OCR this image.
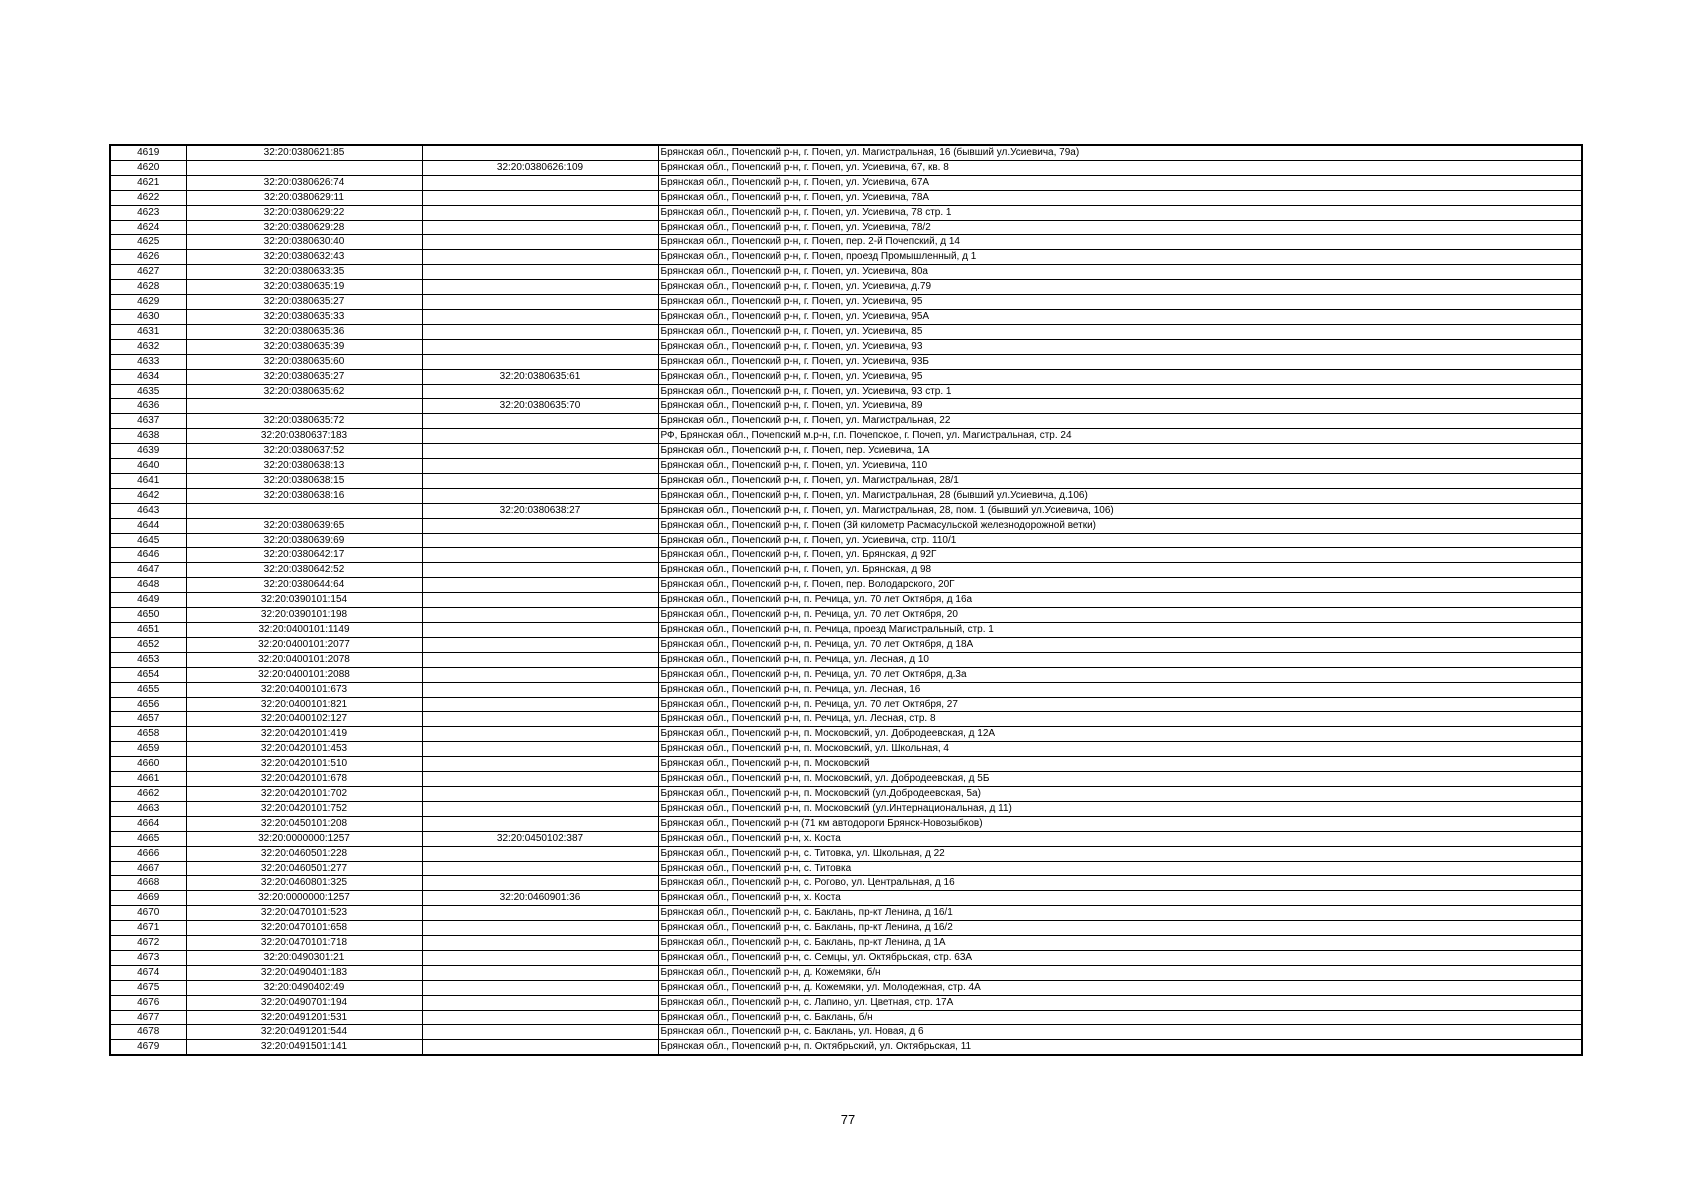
4619	32:20:0380621:85		Брянская обл., Почепский р-н, г. Почеп, ул. Магистральная, 16 (бывший ул.Усиевича, 79а)
4620		32:20:0380626:109	Брянская обл., Почепский р-н, г. Почеп, ул. Усиевича, 67, кв. 8
4621	32:20:0380626:74		Брянская обл., Почепский р-н, г. Почеп, ул. Усиевича, 67А
4622	32:20:0380629:11		Брянская обл., Почепский р-н, г. Почеп, ул. Усиевича, 78А
4623	32:20:0380629:22		Брянская обл., Почепский р-н, г. Почеп, ул. Усиевича, 78 стр. 1
4624	32:20:0380629:28		Брянская обл., Почепский р-н, г. Почеп, ул. Усиевича, 78/2
4625	32:20:0380630:40		Брянская обл., Почепский р-н, г. Почеп, пер. 2-й Почепский, д 14
4626	32:20:0380632:43		Брянская обл., Почепский р-н, г. Почеп, проезд Промышленный, д 1
4627	32:20:0380633:35		Брянская обл., Почепский р-н, г. Почеп, ул. Усиевича, 80а
4628	32:20:0380635:19		Брянская обл., Почепский р-н, г. Почеп, ул. Усиевича, д.79
4629	32:20:0380635:27		Брянская обл., Почепский р-н, г. Почеп, ул. Усиевича, 95
4630	32:20:0380635:33		Брянская обл., Почепский р-н, г. Почеп, ул. Усиевича, 95А
4631	32:20:0380635:36		Брянская обл., Почепский р-н, г. Почеп, ул. Усиевича, 85
4632	32:20:0380635:39		Брянская обл., Почепский р-н, г. Почеп, ул. Усиевича, 93
4633	32:20:0380635:60		Брянская обл., Почепский р-н, г. Почеп, ул. Усиевича, 93Б
4634	32:20:0380635:27	32:20:0380635:61	Брянская обл., Почепский р-н, г. Почеп, ул. Усиевича, 95
4635	32:20:0380635:62		Брянская обл., Почепский р-н, г. Почеп, ул. Усиевича, 93 стр. 1
4636		32:20:0380635:70	Брянская обл., Почепский р-н, г. Почеп, ул. Усиевича, 89
4637	32:20:0380635:72		Брянская обл., Почепский р-н, г. Почеп, ул. Магистральная, 22
4638	32:20:0380637:183		РФ, Брянская обл., Почепский м.р-н, г.п. Почепское, г. Почеп, ул. Магистральная, стр. 24
4639	32:20:0380637:52		Брянская обл., Почепский р-н, г. Почеп, пер. Усиевича, 1А
4640	32:20:0380638:13		Брянская обл., Почепский р-н, г. Почеп, ул. Усиевича, 110
4641	32:20:0380638:15		Брянская обл., Почепский р-н, г. Почеп, ул. Магистральная, 28/1
4642	32:20:0380638:16		Брянская обл., Почепский р-н, г. Почеп, ул. Магистральная, 28 (бывший ул.Усиевича, д.106)
4643		32:20:0380638:27	Брянская обл., Почепский р-н, г. Почеп, ул. Магистральная, 28, пом. 1 (бывший ул.Усиевича, 106)
4644	32:20:0380639:65		Брянская обл., Почепский р-н, г. Почеп (3й километр Расмасульской железнодорожной ветки)
4645	32:20:0380639:69		Брянская обл., Почепский р-н, г. Почеп, ул. Усиевича, стр. 110/1
4646	32:20:0380642:17		Брянская обл., Почепский р-н, г. Почеп, ул. Брянская, д 92Г
4647	32:20:0380642:52		Брянская обл., Почепский р-н, г. Почеп, ул. Брянская, д 98
4648	32:20:0380644:64		Брянская обл., Почепский р-н, г. Почеп, пер. Володарского, 20Г
4649	32:20:0390101:154		Брянская обл., Почепский р-н, п. Речица, ул. 70 лет Октября, д 16а
4650	32:20:0390101:198		Брянская обл., Почепский р-н, п. Речица, ул. 70 лет Октября, 20
4651	32:20:0400101:1149		Брянская обл., Почепский р-н, п. Речица, проезд Магистральный, стр. 1
4652	32:20:0400101:2077		Брянская обл., Почепский р-н, п. Речица, ул. 70 лет Октября, д 18А
4653	32:20:0400101:2078		Брянская обл., Почепский р-н, п. Речица, ул. Лесная, д 10
4654	32:20:0400101:2088		Брянская обл., Почепский р-н, п. Речица, ул. 70 лет Октября, д.3а
4655	32:20:0400101:673		Брянская обл., Почепский р-н, п. Речица, ул. Лесная, 16
4656	32:20:0400101:821		Брянская обл., Почепский р-н, п. Речица, ул. 70 лет Октября, 27
4657	32:20:0400102:127		Брянская обл., Почепский р-н, п. Речица, ул. Лесная, стр. 8
4658	32:20:0420101:419		Брянская обл., Почепский р-н, п. Московский, ул. Добродеевская, д 12А
4659	32:20:0420101:453		Брянская обл., Почепский р-н, п. Московский, ул. Школьная, 4
4660	32:20:0420101:510		Брянская обл., Почепский р-н, п. Московский
4661	32:20:0420101:678		Брянская обл., Почепский р-н, п. Московский, ул. Добродеевская, д 5Б
4662	32:20:0420101:702		Брянская обл., Почепский р-н, п. Московский (ул.Добродеевская, 5а)
4663	32:20:0420101:752		Брянская обл., Почепский р-н, п. Московский (ул.Интернациональная, д 11)
4664	32:20:0450101:208		Брянская обл., Почепский р-н (71 км автодороги Брянск-Новозыбков)
4665	32:20:0000000:1257	32:20:0450102:387	Брянская обл., Почепский р-н, х. Коста
4666	32:20:0460501:228		Брянская обл., Почепский р-н, с. Титовка, ул. Школьная, д 22
4667	32:20:0460501:277		Брянская обл., Почепский р-н, с. Титовка
4668	32:20:0460801:325		Брянская обл., Почепский р-н, с. Рогово, ул. Центральная, д 16
4669	32:20:0000000:1257	32:20:0460901:36	Брянская обл., Почепский р-н, х. Коста
4670	32:20:0470101:523		Брянская обл., Почепский р-н, с. Баклань, пр-кт Ленина, д 16/1
4671	32:20:0470101:658		Брянская обл., Почепский р-н, с. Баклань, пр-кт Ленина, д 16/2
4672	32:20:0470101:718		Брянская обл., Почепский р-н, с. Баклань, пр-кт Ленина, д 1А
4673	32:20:0490301:21		Брянская обл., Почепский р-н, с. Семцы, ул. Октябрьская, стр. 63А
4674	32:20:0490401:183		Брянская обл., Почепский р-н, д. Кожемяки, б/н
4675	32:20:0490402:49		Брянская обл., Почепский р-н, д. Кожемяки, ул. Молодежная, стр. 4А
4676	32:20:0490701:194		Брянская обл., Почепский р-н, с. Лапино, ул. Цветная, стр. 17А
4677	32:20:0491201:531		Брянская обл., Почепский р-н, с. Баклань, б/н
4678	32:20:0491201:544		Брянская обл., Почепский р-н, с. Баклань, ул. Новая, д 6
4679	32:20:0491501:141		Брянская обл., Почепский р-н, п. Октябрьский, ул. Октябрьская, 11
77
